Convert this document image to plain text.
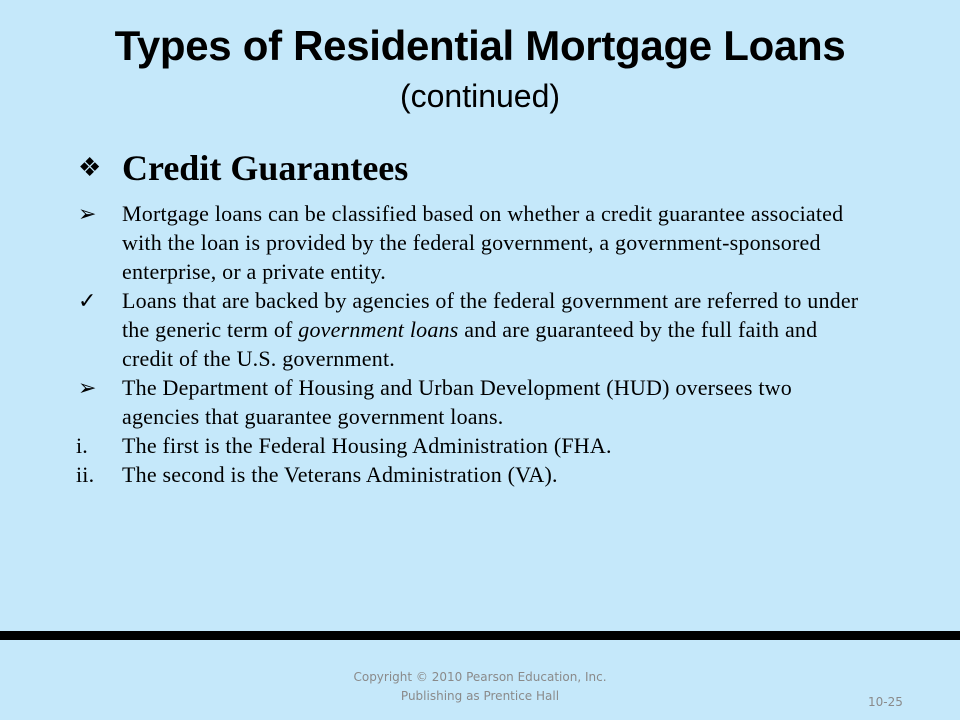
Types of Residential Mortgage Loans
(continued)
❖ Credit Guarantees
➢	Mortgage loans can be classified based on whether a credit guarantee associated with the loan is provided by the federal government, a government-sponsored enterprise, or a private entity.
✓	Loans that are backed by agencies of the federal government are referred to under the generic term of government loans and are guaranteed by the full faith and credit of the U.S. government.
➢	The Department of Housing and Urban Development (HUD) oversees two agencies that guarantee government loans.
i.	The first is the Federal Housing Administration (FHA.
ii.	The second is the Veterans Administration (VA).
Copyright © 2010 Pearson Education, Inc.
Publishing as Prentice Hall	10-25
